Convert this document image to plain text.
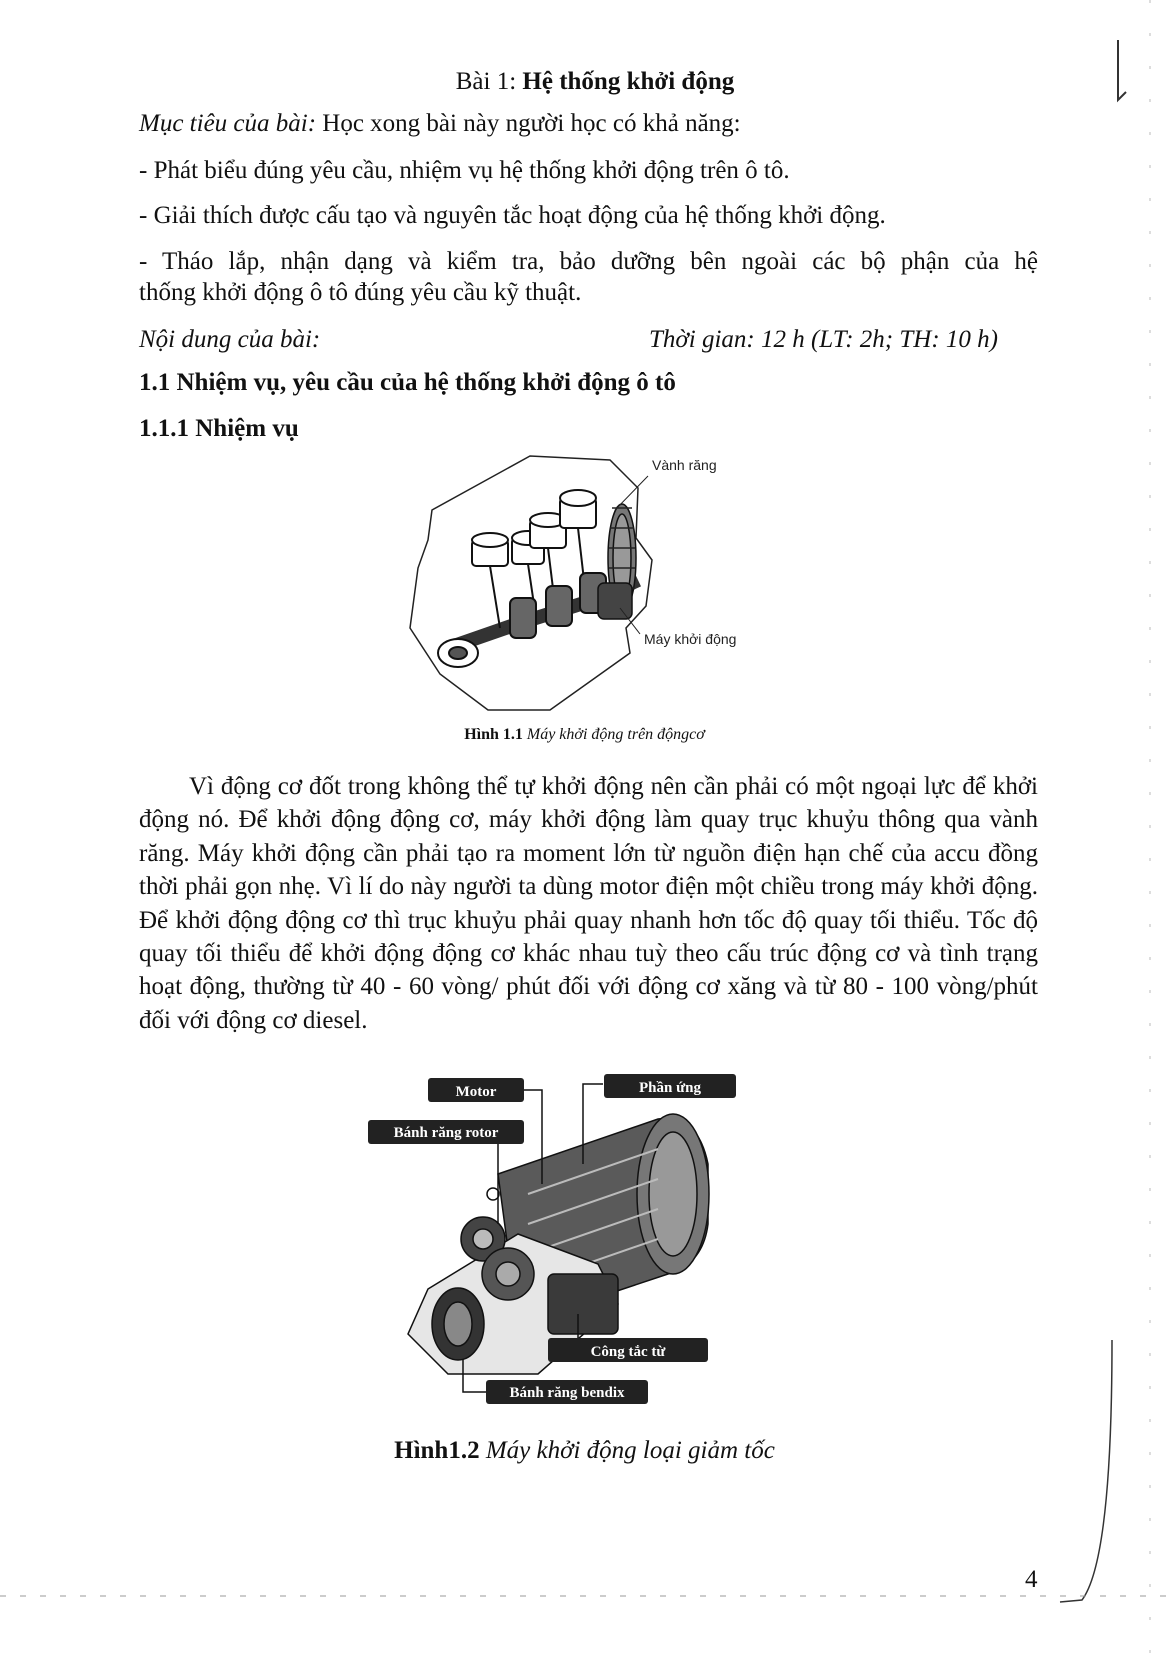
Bài 1: Hệ thống khởi động
Mục tiêu của bài: Học xong bài này người học có khả năng:
- Phát biểu đúng yêu cầu, nhiệm vụ hệ thống khởi động trên ô tô.
- Giải thích được cấu tạo và nguyên tắc hoạt động của hệ thống khởi động.
- Tháo lắp, nhận dạng và kiểm tra, bảo dưỡng bên ngoài các bộ phận của hệ
thống khởi động ô tô đúng yêu cầu kỹ thuật.
Nội dung của bài:	Thời gian: 12 h (LT: 2h; TH: 10 h)
1.1 Nhiệm vụ, yêu cầu của hệ thống khởi động ô tô
1.1.1 Nhiệm vụ
Vành răng
Máy khởi động
Hình 1.1 Máy khởi động trên độngcơ
Vì động cơ đốt trong không thể tự khởi động nên cần phải có một ngoại lực để khởi động nó. Để khởi động động cơ, máy khởi động làm quay trục khuỷu thông qua vành răng. Máy khởi động cần phải tạo ra moment lớn từ nguồn điện hạn chế của accu đồng thời phải gọn nhẹ. Vì lí do này người ta dùng motor điện một chiều trong máy khởi động. Để khởi động động cơ thì trục khuỷu phải quay nhanh hơn tốc độ quay tối thiểu. Tốc độ quay tối thiểu để khởi động động cơ khác nhau tuỳ theo cấu trúc động cơ và tình trạng hoạt động, thường từ 40 - 60 vòng/ phút đối với động cơ xăng và từ 80 - 100 vòng/phút đối với động cơ diesel.
Motor	Phần ứng
Bánh răng rotor
Công tắc từ
Bánh răng bendix
Hình1.2 Máy khởi động loại giảm tốc
4
